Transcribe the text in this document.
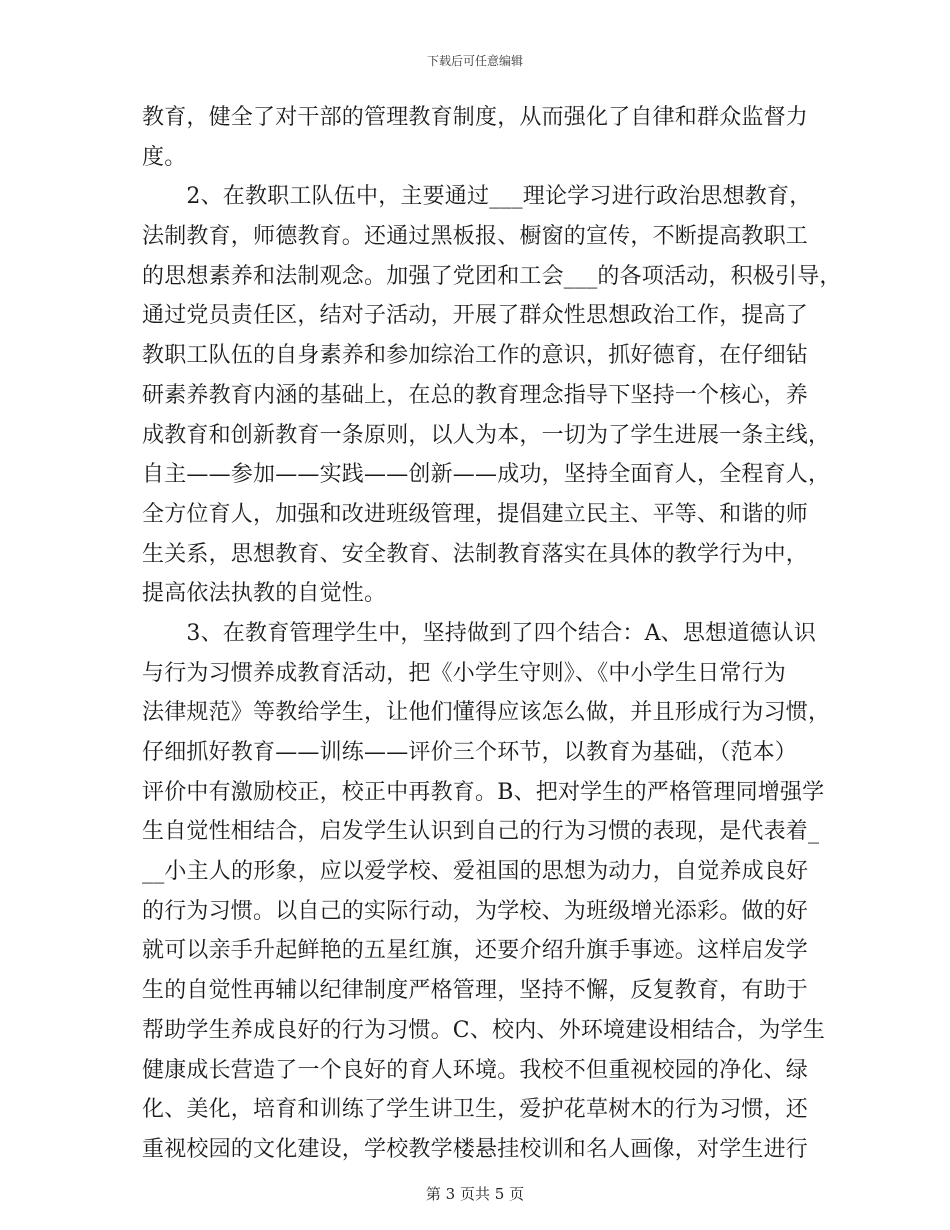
下载后可任意编辑
教育，健全了对干部的管理教育制度，从而强化了自律和群众监督力
度。
　　2、在教职工队伍中，主要通过___理论学习进行政治思想教育，
法制教育，师德教育。还通过黑板报、橱窗的宣传，不断提高教职工
的思想素养和法制观念。加强了党团和工会___的各项活动，积极引导，
通过党员责任区，结对子活动，开展了群众性思想政治工作，提高了
教职工队伍的自身素养和参加综治工作的意识，抓好德育，在仔细钻
研素养教育内涵的基础上，在总的教育理念指导下坚持一个核心，养
成教育和创新教育一条原则，以人为本，一切为了学生进展一条主线，
自主——参加——实践——创新——成功，坚持全面育人，全程育人，
全方位育人，加强和改进班级管理，提倡建立民主、平等、和谐的师
生关系，思想教育、安全教育、法制教育落实在具体的教学行为中，
提高依法执教的自觉性。
　　3、在教育管理学生中，坚持做到了四个结合：A、思想道德认识
与行为习惯养成教育活动，把《小学生守则》、《中小学生日常行为
法律规范》等教给学生，让他们懂得应该怎么做，并且形成行为习惯，
仔细抓好教育——训练——评价三个环节，以教育为基础，（范本）
评价中有激励校正，校正中再教育。B、把对学生的严格管理同增强学
生自觉性相结合，启发学生认识到自己的行为习惯的表现，是代表着_
__小主人的形象，应以爱学校、爱祖国的思想为动力，自觉养成良好
的行为习惯。以自己的实际行动，为学校、为班级增光添彩。做的好
就可以亲手升起鲜艳的五星红旗，还要介绍升旗手事迹。这样启发学
生的自觉性再辅以纪律制度严格管理，坚持不懈，反复教育，有助于
帮助学生养成良好的行为习惯。C、校内、外环境建设相结合，为学生
健康成长营造了一个良好的育人环境。我校不但重视校园的净化、绿
化、美化，培育和训练了学生讲卫生，爱护花草树木的行为习惯，还
重视校园的文化建设，学校教学楼悬挂校训和名人画像，对学生进行
第 3 页共 5 页
